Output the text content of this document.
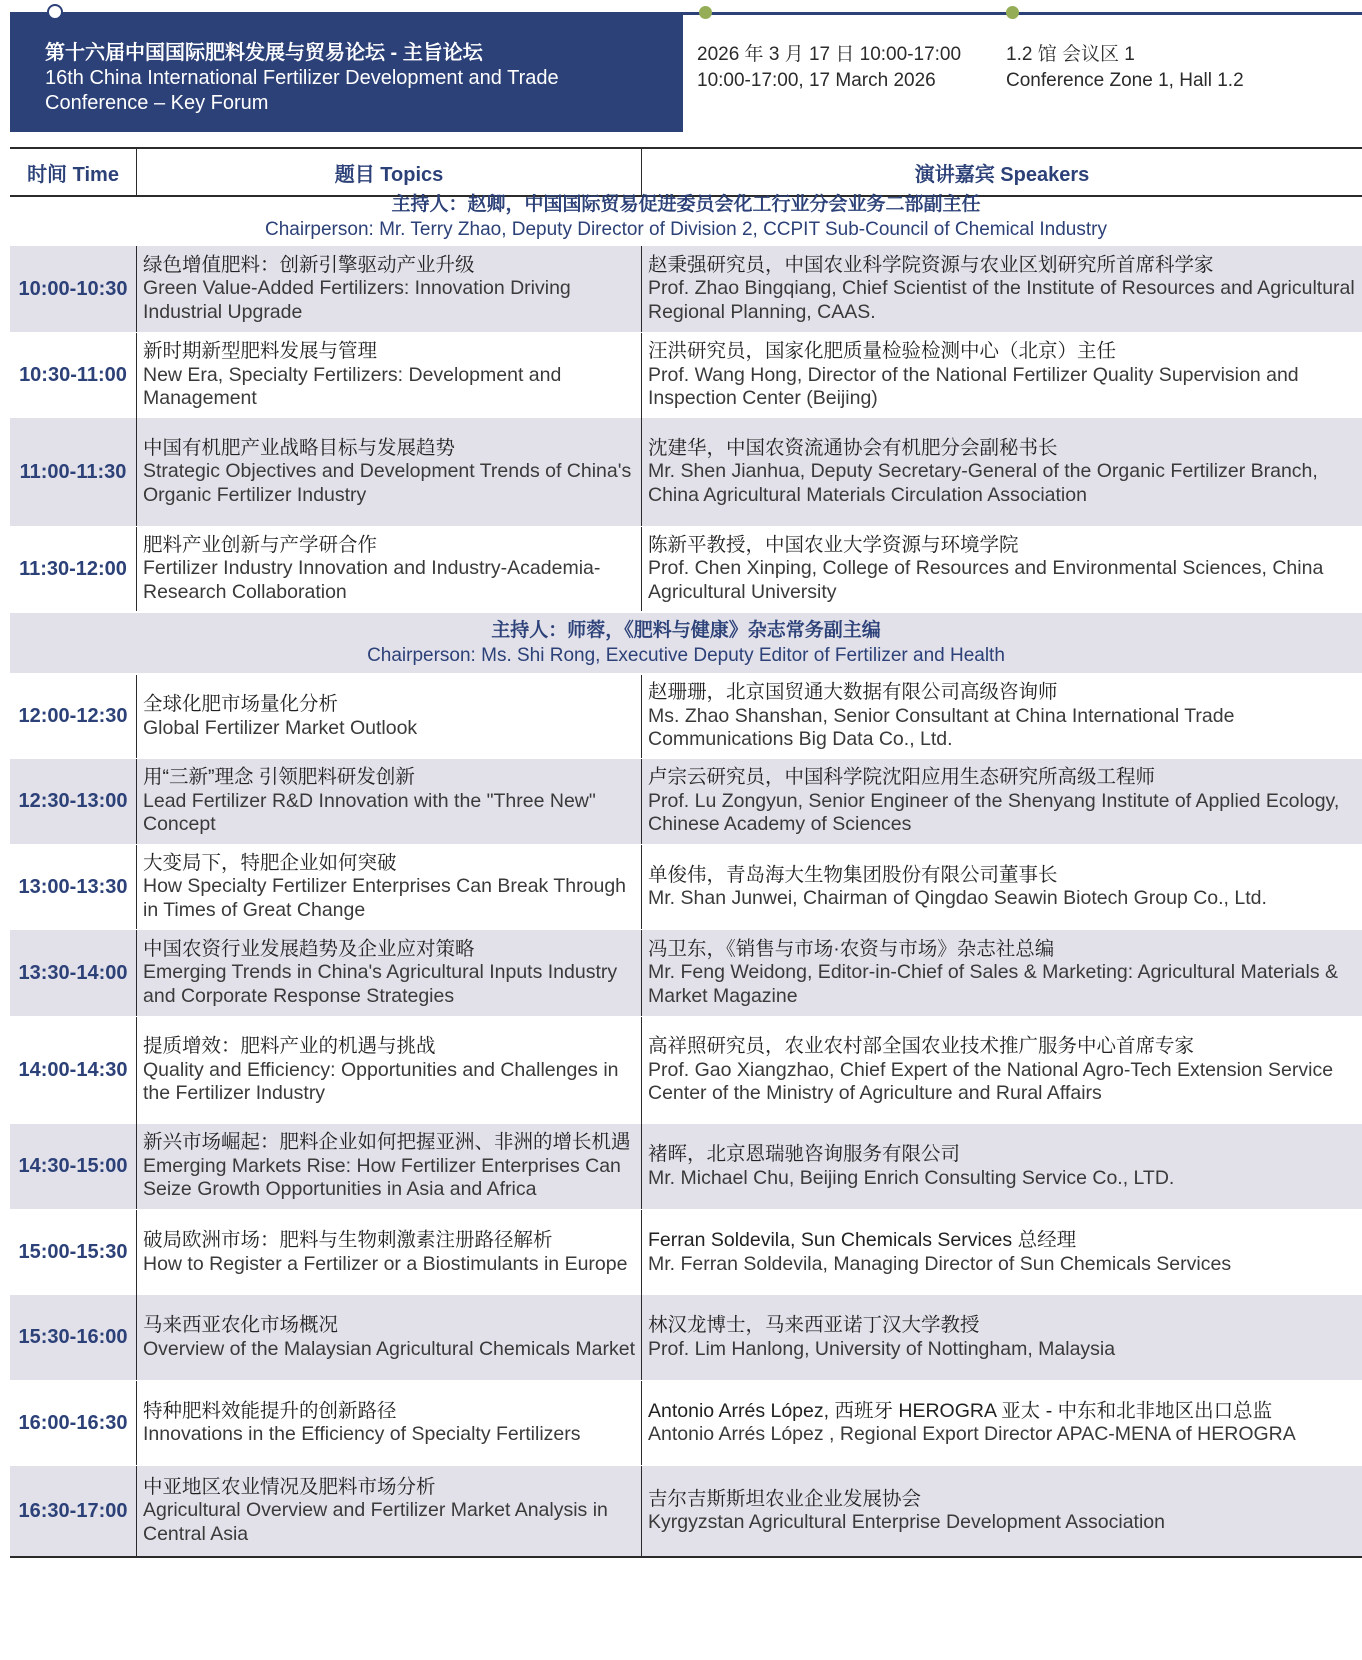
第十六届中国国际肥料发展与贸易论坛 - 主旨论坛
16th China International Fertilizer Development and Trade
Conference – Key Forum
2026 年 3 月 17 日 10:00-17:00
10:00-17:00, 17 March 2026
1.2 馆 会议区 1
Conference Zone 1, Hall 1.2
时间 Time	题目 Topics	演讲嘉宾 Speakers
主持人：赵卿，中国国际贸易促进委员会化工行业分会业务二部副主任
Chairperson: Mr. Terry Zhao, Deputy Director of Division 2, CCPIT Sub-Council of Chemical Industry
10:00-10:30
绿色增值肥料：创新引擎驱动产业升级
Green Value-Added Fertilizers: Innovation Driving Industrial Upgrade
赵秉强研究员，中国农业科学院资源与农业区划研究所首席科学家
Prof. Zhao Bingqiang, Chief Scientist of the Institute of Resources and Agricultural Regional Planning, CAAS.
10:30-11:00
新时期新型肥料发展与管理
New Era, Specialty Fertilizers: Development and Management
汪洪研究员，国家化肥质量检验检测中心（北京）主任
Prof. Wang Hong, Director of the National Fertilizer Quality Supervision and Inspection Center (Beijing)
11:00-11:30
中国有机肥产业战略目标与发展趋势
Strategic Objectives and Development Trends of China's Organic Fertilizer Industry
沈建华，中国农资流通协会有机肥分会副秘书长
Mr. Shen Jianhua, Deputy Secretary-General of the Organic Fertilizer Branch, China Agricultural Materials Circulation Association
11:30-12:00
肥料产业创新与产学研合作
Fertilizer Industry Innovation and Industry-Academia-Research Collaboration
陈新平教授，中国农业大学资源与环境学院
Prof. Chen Xinping, College of Resources and Environmental Sciences, China Agricultural University
主持人：师蓉，《肥料与健康》杂志常务副主编
Chairperson: Ms. Shi Rong, Executive Deputy Editor of Fertilizer and Health
12:00-12:30
全球化肥市场量化分析
Global Fertilizer Market Outlook
赵珊珊，北京国贸通大数据有限公司高级咨询师
Ms. Zhao Shanshan, Senior Consultant at China International Trade Communications Big Data Co., Ltd.
12:30-13:00
用“三新”理念 引领肥料研发创新
Lead Fertilizer R&D Innovation with the "Three New" Concept
卢宗云研究员，中国科学院沈阳应用生态研究所高级工程师
Prof. Lu Zongyun, Senior Engineer of the Shenyang Institute of Applied Ecology, Chinese Academy of Sciences
13:00-13:30
大变局下，特肥企业如何突破
How Specialty Fertilizer Enterprises Can Break Through in Times of Great Change
单俊伟，青岛海大生物集团股份有限公司董事长
Mr. Shan Junwei, Chairman of Qingdao Seawin Biotech Group Co., Ltd.
13:30-14:00
中国农资行业发展趋势及企业应对策略
Emerging Trends in China's Agricultural Inputs Industry and Corporate Response Strategies
冯卫东，《销售与市场·农资与市场》杂志社总编
Mr. Feng Weidong, Editor-in-Chief of Sales & Marketing: Agricultural Materials & Market Magazine
14:00-14:30
提质增效：肥料产业的机遇与挑战
Quality and Efficiency: Opportunities and Challenges in the Fertilizer Industry
高祥照研究员，农业农村部全国农业技术推广服务中心首席专家
Prof. Gao Xiangzhao, Chief Expert of the National Agro-Tech Extension Service Center of the Ministry of Agriculture and Rural Affairs
14:30-15:00
新兴市场崛起：肥料企业如何把握亚洲、非洲的增长机遇
Emerging Markets Rise: How Fertilizer Enterprises Can Seize Growth Opportunities in Asia and Africa
褚晖，北京恩瑞驰咨询服务有限公司
Mr. Michael Chu, Beijing Enrich Consulting Service Co., LTD.
15:00-15:30
破局欧洲市场：肥料与生物刺激素注册路径解析
How to Register a Fertilizer or a Biostimulants in Europe
Ferran Soldevila, Sun Chemicals Services 总经理
Mr. Ferran Soldevila, Managing Director of Sun Chemicals Services
15:30-16:00
马来西亚农化市场概况
Overview of the Malaysian Agricultural Chemicals Market
林汉龙博士，马来西亚诺丁汉大学教授
Prof. Lim Hanlong, University of Nottingham, Malaysia
16:00-16:30
特种肥料效能提升的创新路径
Innovations in the Efficiency of Specialty Fertilizers
Antonio Arrés López, 西班牙 HEROGRA 亚太 - 中东和北非地区出口总监
Antonio Arrés López , Regional Export Director APAC-MENA of HEROGRA
16:30-17:00
中亚地区农业情况及肥料市场分析
Agricultural Overview and Fertilizer Market Analysis in Central Asia
吉尔吉斯斯坦农业企业发展协会
Kyrgyzstan Agricultural Enterprise Development Association
